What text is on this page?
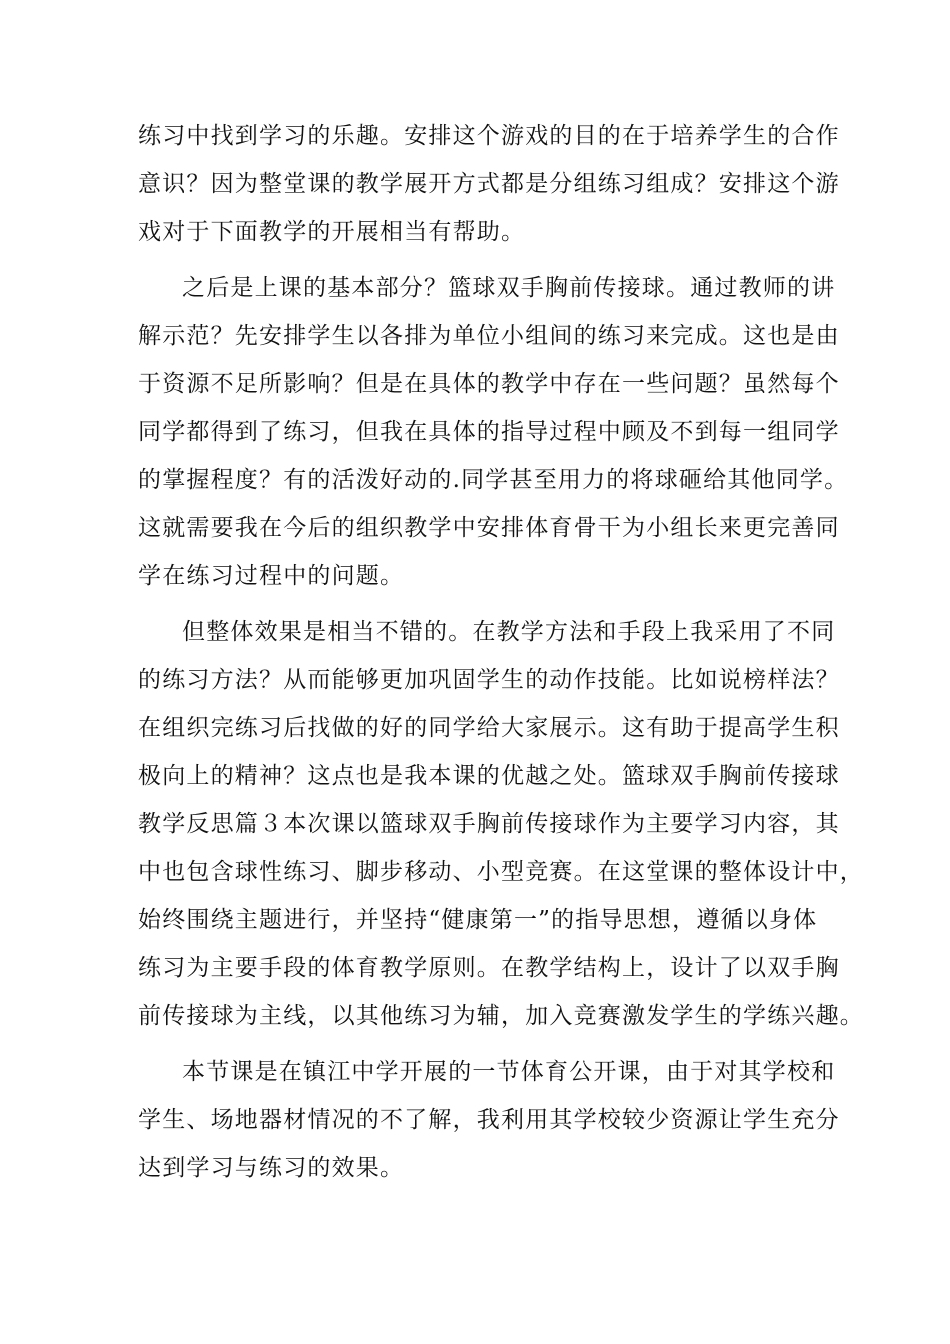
练习中找到学习的乐趣。安排这个游戏的目的在于培养学生的合作
意识？因为整堂课的教学展开方式都是分组练习组成？安排这个游
戏对于下面教学的开展相当有帮助。
之后是上课的基本部分？篮球双手胸前传接球。通过教师的讲
解示范？先安排学生以各排为单位小组间的练习来完成。这也是由
于资源不足所影响？但是在具体的教学中存在一些问题？虽然每个
同学都得到了练习，但我在具体的指导过程中顾及不到每一组同学
的掌握程度？有的活泼好动的.同学甚至用力的将球砸给其他同学。
这就需要我在今后的组织教学中安排体育骨干为小组长来更完善同
学在练习过程中的问题。
但整体效果是相当不错的。在教学方法和手段上我采用了不同
的练习方法？从而能够更加巩固学生的动作技能。比如说榜样法？
在组织完练习后找做的好的同学给大家展示。这有助于提高学生积
极向上的精神？这点也是我本课的优越之处。篮球双手胸前传接球
教学反思篇３本次课以篮球双手胸前传接球作为主要学习内容，其
中也包含球性练习、脚步移动、小型竞赛。在这堂课的整体设计中，
始终围绕主题进行，并坚持“健康第一”的指导思想，遵循以身体
练习为主要手段的体育教学原则。在教学结构上，设计了以双手胸
前传接球为主线，以其他练习为辅，加入竞赛激发学生的学练兴趣。
本节课是在镇江中学开展的一节体育公开课，由于对其学校和
学生、场地器材情况的不了解，我利用其学校较少资源让学生充分
达到学习与练习的效果。
